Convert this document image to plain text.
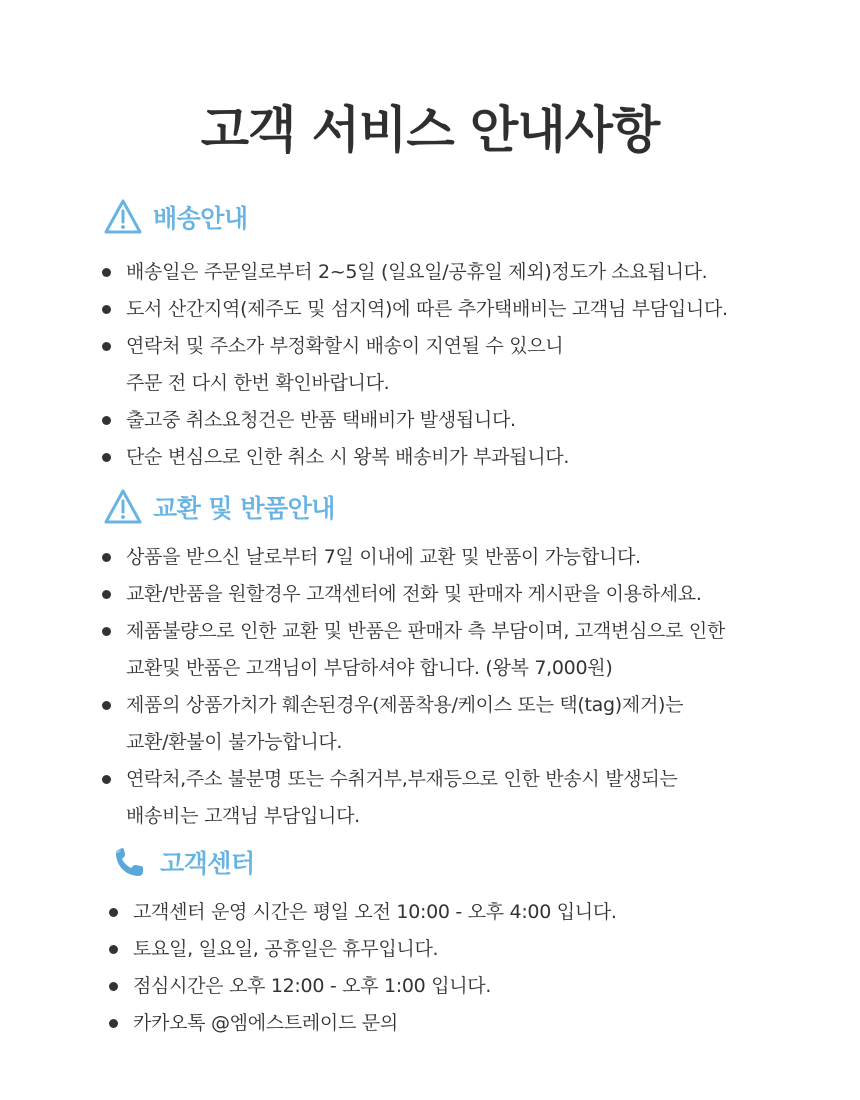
고객 서비스 안내사항
배송안내
배송일은 주문일로부터 2~5일 (일요일/공휴일 제외)정도가 소요됩니다.
도서 산간지역(제주도 및 섬지역)에 따른 추가택배비는 고객님 부담입니다.
연락처 및 주소가 부정확할시 배송이 지연될 수 있으니
주문 전 다시 한번 확인바랍니다.
출고중 취소요청건은 반품 택배비가 발생됩니다.
단순 변심으로 인한 취소 시 왕복 배송비가 부과됩니다.
교환 및 반품안내
상품을 받으신 날로부터 7일 이내에 교환 및 반품이 가능합니다.
교환/반품을 원할경우 고객센터에 전화 및 판매자 게시판을 이용하세요.
제품불량으로 인한 교환 및 반품은 판매자 측 부담이며, 고객변심으로 인한
교환및 반품은 고객님이 부담하셔야 합니다. (왕복 7,000원)
제품의 상품가치가 훼손된경우(제품착용/케이스 또는 택(tag)제거)는
교환/환불이 불가능합니다.
연락처,주소 불분명 또는 수취거부,부재등으로 인한 반송시 발생되는
배송비는 고객님 부담입니다.
고객센터
고객센터 운영 시간은 평일 오전 10:00 - 오후 4:00 입니다.
토요일, 일요일, 공휴일은 휴무입니다.
점심시간은 오후 12:00 - 오후 1:00 입니다.
카카오톡 @엠에스트레이드 문의
